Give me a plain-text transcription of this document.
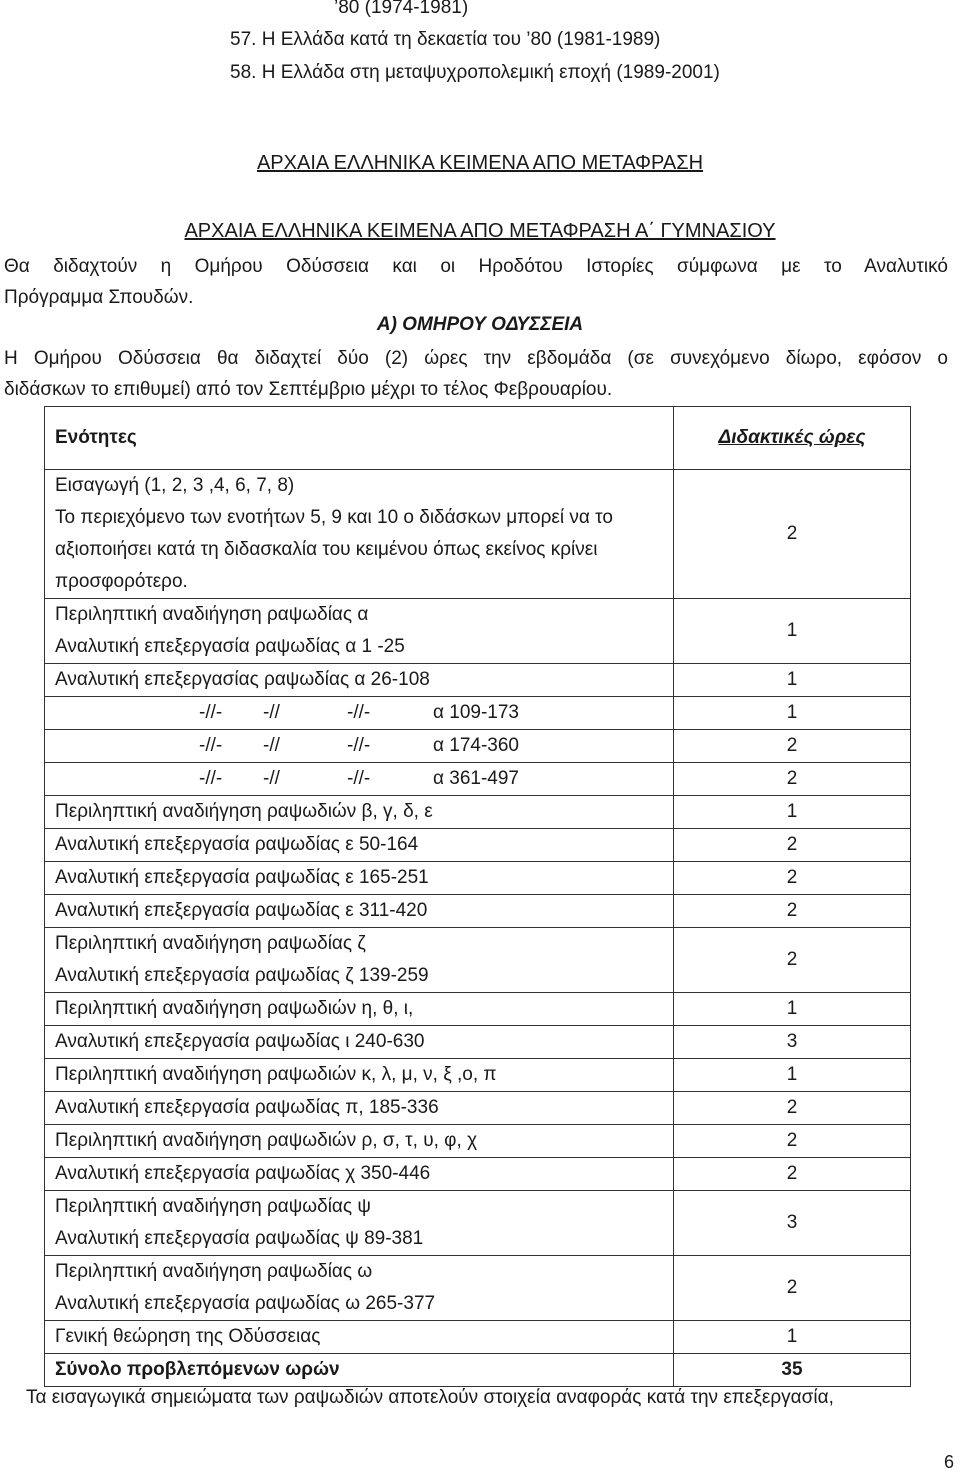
’80 (1974-1981)
57. Η Ελλάδα κατά τη δεκαετία του ’80 (1981-1989)
58. Η Ελλάδα στη μεταψυχροπολεμική εποχή (1989-2001)
ΑΡΧΑΙΑ ΕΛΛΗΝΙΚΑ ΚΕΙΜΕΝΑ ΑΠΟ ΜΕΤΑΦΡΑΣΗ
ΑΡΧΑΙΑ ΕΛΛΗΝΙΚΑ ΚΕΙΜΕΝΑ ΑΠΟ ΜΕΤΑΦΡΑΣΗ Α΄ ΓΥΜΝΑΣΙΟΥ
Θα διδαχτούν η Ομήρου Οδύσσεια και οι Ηροδότου Ιστορίες σύμφωνα με το Αναλυτικό
Πρόγραμμα Σπουδών.
Α) ΟΜΗΡΟΥ ΟΔΥΣΣΕΙΑ
Η Ομήρου Οδύσσεια θα διδαχτεί δύο (2) ώρες την εβδομάδα (σε συνεχόμενο δίωρο, εφόσον ο
διδάσκων το επιθυμεί) από τον Σεπτέμβριο μέχρι το τέλος Φεβρουαρίου.
Ενότητες	Διδακτικές ώρες

Εισαγωγή (1, 2, 3 ,4, 6, 7, 8)
Το περιεχόμενο των ενοτήτων 5, 9 και 10 ο διδάσκων μπορεί να το
αξιοποιήσει κατά τη διδασκαλία του κειμένου όπως εκείνος κρίνει
προσφορότερο.	2

Περιληπτική αναδιήγηση ραψωδίας α
Αναλυτική επεξεργασία ραψωδίας α 1 -25	1

Αναλυτική επεξεργασίας ραψωδίας α 26-108	1
-//- -// -//- α 109-173	1
-//- -// -//- α 174-360	2
-//- -// -//- α 361-497	2

Περιληπτική αναδιήγηση ραψωδιών β, γ, δ, ε	1

Αναλυτική επεξεργασία ραψωδίας ε 50-164	2

Αναλυτική επεξεργασία ραψωδίας ε 165-251	2

Αναλυτική επεξεργασία ραψωδίας ε 311-420	2

Περιληπτική αναδιήγηση ραψωδίας ζ
Αναλυτική επεξεργασία ραψωδίας ζ 139-259	2

Περιληπτική αναδιήγηση ραψωδιών η, θ, ι,	1

Αναλυτική επεξεργασία ραψωδίας ι 240-630	3

Περιληπτική αναδιήγηση ραψωδιών κ, λ, μ, ν, ξ ,ο, π	1

Αναλυτική επεξεργασία ραψωδίας π, 185-336	2

Περιληπτική αναδιήγηση ραψωδιών ρ, σ, τ, υ, φ, χ	2

Αναλυτική επεξεργασία ραψωδίας χ 350-446	2

Περιληπτική αναδιήγηση ραψωδίας ψ
Αναλυτική επεξεργασία ραψωδίας ψ 89-381	3

Περιληπτική αναδιήγηση ραψωδίας ω
Αναλυτική επεξεργασία ραψωδίας ω 265-377	2

Γενική θεώρηση της Οδύσσειας	1
Σύνολο προβλεπόμενων ωρών	35
Τα εισαγωγικά σημειώματα των ραψωδιών αποτελούν στοιχεία αναφοράς κατά την επεξεργασία,
6
